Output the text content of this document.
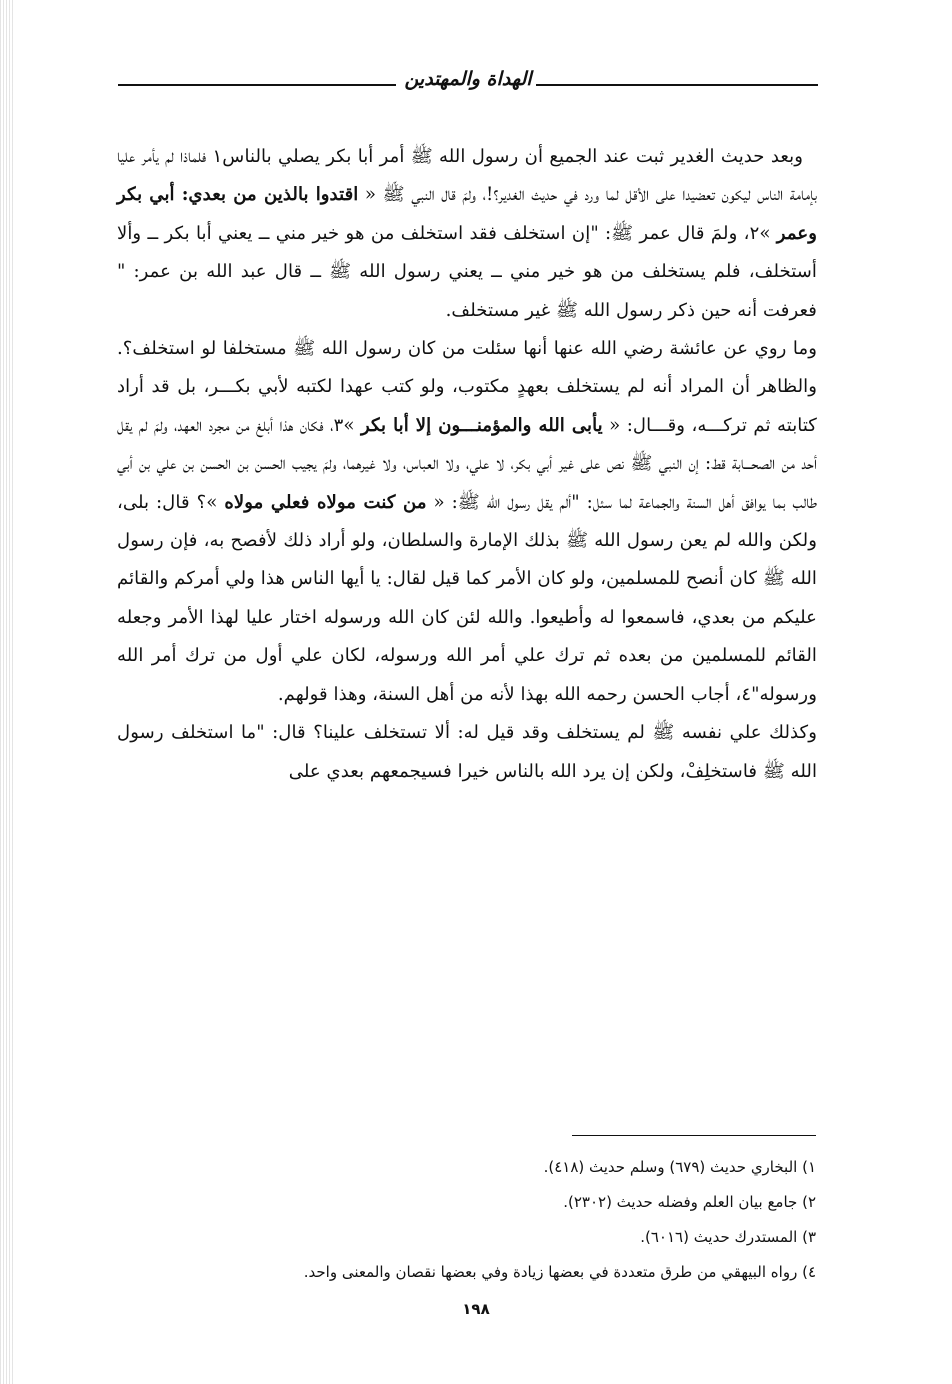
الهداة والمهتدين

وبعد حديث الغدير ثبت عند الجميع أن رسول الله ﷺ أمر أبا بكر يصلي بالناس١ فلماذا لم يأمر عليا بإمامة الناس ليكون تعضيدا على الأقل لما ورد في حديث الغدير؟!، ولمَ قال النبي ﷺ « اقتدوا بالذين من بعدي: أبي بكر وعمر »٢، ولمَ قال عمر ﷺ: "إن استخلف فقد استخلف من هو خير مني ــ يعني أبا بكر ــ وألا أستخلف، فلم يستخلف من هو خير مني ــ يعني رسول الله ﷺ ــ قال عبد الله بن عمر: " فعرفت أنه حين ذكر رسول الله ﷺ غير مستخلف.

وما روي عن عائشة رضي الله عنها أنها سئلت من كان رسول الله ﷺ مستخلفا لو استخلف؟. والظاهر أن المراد أنه لم يستخلف بعهدٍ مكتوب، ولو كتب عهدا لكتبه لأبي بكـــر، بل قد أراد كتابته ثم تركـــه، وقـــال: « يأبى الله والمؤمنـــون إلا أبا بكر »٣، فكان هذا أبلغ من مجرد العهد، ولمَ لم يقل أحد من الصحـــابة قط: إن النبي ﷺ نص على غير أبي بكر، لا علي، ولا العباس، ولا غيرهما، ولمَ يجيب الحسن بن الحسن بن علي بن أبي طالب بما يوافق أهل السنة والجماعة لما سئل: "ألم يقل رسول الله ﷺ: « من كنت مولاه فعلي مولاه »؟ قال: بلى، ولكن والله لم يعن رسول الله ﷺ بذلك الإمارة والسلطان، ولو أراد ذلك لأفصح به، فإن رسول الله ﷺ كان أنصح للمسلمين، ولو كان الأمر كما قيل لقال: يا أيها الناس هذا ولي أمركم والقائم عليكم من بعدي، فاسمعوا له وأطيعوا. والله لئن كان الله ورسوله اختار عليا لهذا الأمر وجعله القائم للمسلمين من بعده ثم ترك علي أمر الله ورسوله، لكان علي أول من ترك أمر الله ورسوله"٤، أجاب الحسن رحمه الله بهذا لأنه من أهل السنة، وهذا قولهم.

وكذلك علي نفسه ﷺ لم يستخلف وقد قيل له: ألا تستخلف علينا؟ قال: "ما استخلف رسول الله ﷺ فاستخلِفْ، ولكن إن يرد الله بالناس خيرا فسيجمعهم بعدي على

١) البخاري حديث (٦٧٩) وسلم حديث (٤١٨).
٢) جامع بيان العلم وفضله حديث (٢٣٠٢).
٣) المستدرك حديث (٦٠١٦).
٤) رواه البيهقي من طرق متعددة في بعضها زيادة وفي بعضها نقصان والمعنى واحد.
١٩٨
